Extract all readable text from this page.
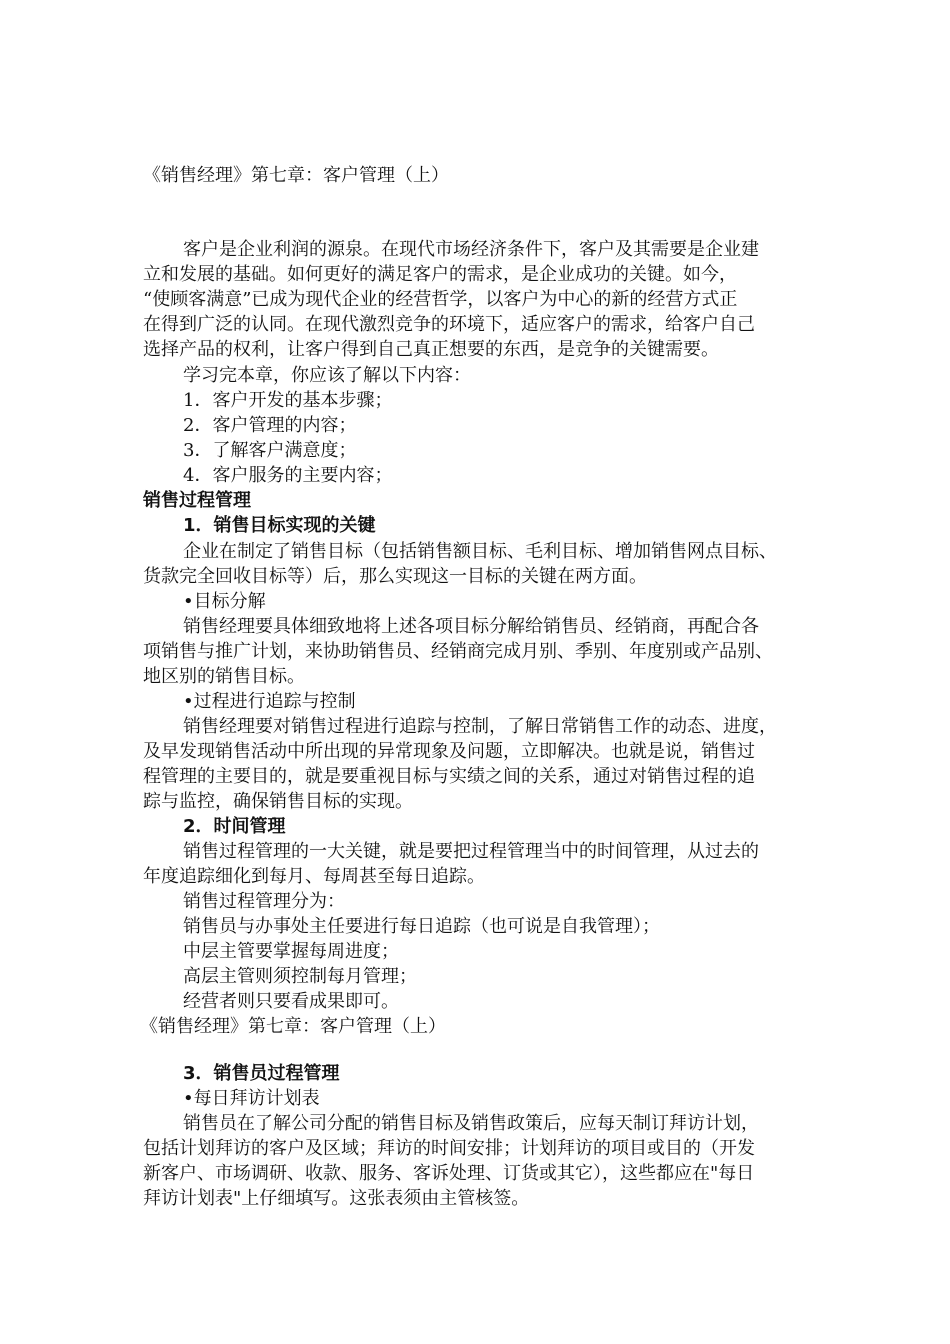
《销售经理》第七章：客户管理（上）
客户是企业利润的源泉。在现代市场经济条件下，客户及其需要是企业建
立和发展的基础。如何更好的满足客户的需求，是企业成功的关键。如今，
“使顾客满意”已成为现代企业的经营哲学，以客户为中心的新的经营方式正
在得到广泛的认同。在现代激烈竞争的环境下，适应客户的需求，给客户自己
选择产品的权利，让客户得到自己真正想要的东西，是竞争的关键需要。
学习完本章，你应该了解以下内容：
1．客户开发的基本步骤；
2．客户管理的内容；
3．了解客户满意度；
4．客户服务的主要内容；
销售过程管理
1．销售目标实现的关键
企业在制定了销售目标（包括销售额目标、毛利目标、增加销售网点目标、
货款完全回收目标等）后，那么实现这一目标的关键在两方面。
•目标分解
销售经理要具体细致地将上述各项目标分解给销售员、经销商，再配合各
项销售与推广计划，来协助销售员、经销商完成月别、季别、年度别或产品别、
地区别的销售目标。
•过程进行追踪与控制
销售经理要对销售过程进行追踪与控制，了解日常销售工作的动态、进度，
及早发现销售活动中所出现的异常现象及问题，立即解决。也就是说，销售过
程管理的主要目的，就是要重视目标与实绩之间的关系，通过对销售过程的追
踪与监控，确保销售目标的实现。
2．时间管理
销售过程管理的一大关键，就是要把过程管理当中的时间管理，从过去的
年度追踪细化到每月、每周甚至每日追踪。
销售过程管理分为：
销售员与办事处主任要进行每日追踪（也可说是自我管理）；
中层主管要掌握每周进度；
高层主管则须控制每月管理；
经营者则只要看成果即可。
《销售经理》第七章：客户管理（上）
3．销售员过程管理
•每日拜访计划表
销售员在了解公司分配的销售目标及销售政策后，应每天制订拜访计划，
包括计划拜访的客户及区域；拜访的时间安排；计划拜访的项目或目的（开发
新客户、市场调研、收款、服务、客诉处理、订货或其它），这些都应在"每日
拜访计划表"上仔细填写。这张表须由主管核签。
